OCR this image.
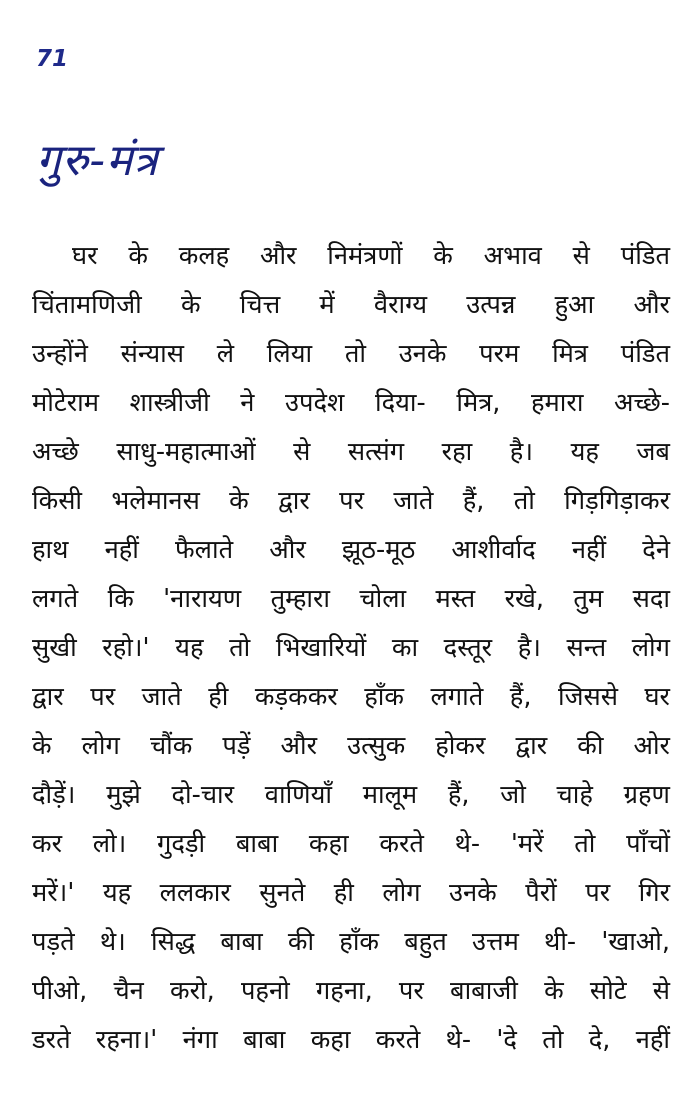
71
गुरु-मंत्र
घर के कलह और निमंत्रणों के अभाव से पंडित
चिंतामणिजी के चित्त में वैराग्य उत्पन्न हुआ और
उन्होंने संन्यास ले लिया तो उनके परम मित्र पंडित
मोटेराम शास्त्रीजी ने उपदेश दिया- मित्र, हमारा अच्छे-
अच्छे साधु-महात्माओं से सत्संग रहा है। यह जब
किसी भलेमानस के द्वार पर जाते हैं, तो गिड़गिड़ाकर
हाथ नहीं फैलाते और झूठ-मूठ आशीर्वाद नहीं देने
लगते कि 'नारायण तुम्हारा चोला मस्त रखे, तुम सदा
सुखी रहो।' यह तो भिखारियों का दस्तूर है। सन्त लोग
द्वार पर जाते ही कड़ककर हाँक लगाते हैं, जिससे घर
के लोग चौंक पड़ें और उत्सुक होकर द्वार की ओर
दौड़ें। मुझे दो-चार वाणियाँ मालूम हैं, जो चाहे ग्रहण
कर लो। गुदड़ी बाबा कहा करते थे- 'मरें तो पाँचों
मरें।' यह ललकार सुनते ही लोग उनके पैरों पर गिर
पड़ते थे। सिद्ध बाबा की हाँक बहुत उत्तम थी- 'खाओ,
पीओ, चैन करो, पहनो गहना, पर बाबाजी के सोटे से
डरते रहना।' नंगा बाबा कहा करते थे- 'दे तो दे, नहीं
